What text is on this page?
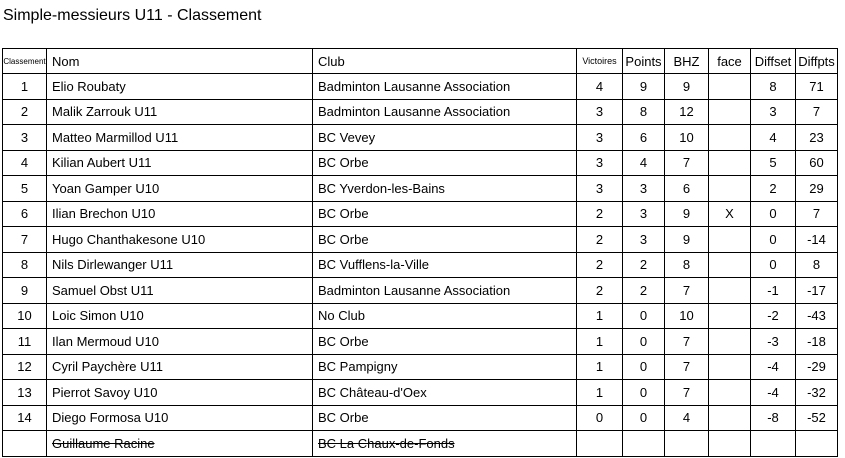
Simple-messieurs U11 - Classement
Classement	Nom	Club	Victoires	Points	BHZ	face	Diffset	Diffpts
1	Elio Roubaty	Badminton Lausanne Association	4	9	9		8	71
2	Malik Zarrouk U11	Badminton Lausanne Association	3	8	12		3	7
3	Matteo Marmillod U11	BC Vevey	3	6	10		4	23
4	Kilian Aubert U11	BC Orbe	3	4	7		5	60
5	Yoan Gamper U10	BC Yverdon-les-Bains	3	3	6		2	29
6	Ilian Brechon U10	BC Orbe	2	3	9	X	0	7
7	Hugo Chanthakesone U10	BC Orbe	2	3	9		0	-14
8	Nils Dirlewanger U11	BC Vufflens-la-Ville	2	2	8		0	8
9	Samuel Obst U11	Badminton Lausanne Association	2	2	7		-1	-17
10	Loic Simon U10	No Club	1	0	10		-2	-43
11	Ilan Mermoud U10	BC Orbe	1	0	7		-3	-18
12	Cyril Paychère U11	BC Pampigny	1	0	7		-4	-29
13	Pierrot Savoy U10	BC Château-d'Oex	1	0	7		-4	-32
14	Diego Formosa U10	BC Orbe	0	0	4		-8	-52
	Guillaume Racine	BC La Chaux-de-Fonds						
